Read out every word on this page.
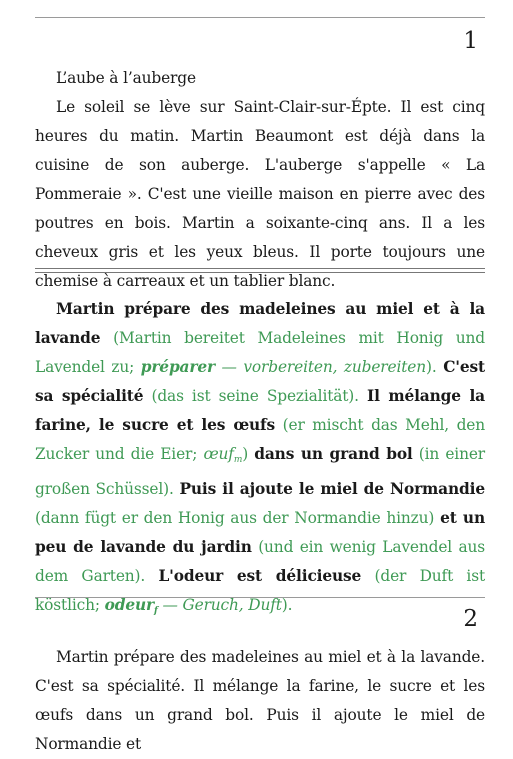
1
L’aube à l’auberge
Le soleil se lève sur Saint-Clair-sur-Épte. Il est cinq heures du matin. Martin Beaumont est déjà dans la cuisine de son auberge. L'auberge s'appelle « La Pommeraie ». C'est une vieille maison en pierre avec des poutres en bois. Martin a soixante-cinq ans. Il a les cheveux gris et les yeux bleus. Il porte toujours une chemise à carreaux et un tablier blanc.
Martin prépare des madeleines au miel et à la lavande (Martin bereitet Madeleines mit Honig und Lavendel zu; préparer — vorbereiten, zubereiten). C'est sa spécialité (das ist seine Spezialität). Il mélange la farine, le sucre et les œufs (er mischt das Mehl, den Zucker und die Eier; œuf$_m$) dans un grand bol (in einer großen Schüssel). Puis il ajoute le miel de Normandie (dann fügt er den Honig aus der Normandie hinzu) et un peu de lavande du jardin (und ein wenig Lavendel aus dem Garten). L'odeur est délicieuse (der Duft ist köstlich; odeur$_f$ — Geruch, Duft).
2
Martin prépare des madeleines au miel et à la lavande. C'est sa spécialité. Il mélange la farine, le sucre et les œufs dans un grand bol. Puis il ajoute le miel de Normandie et
